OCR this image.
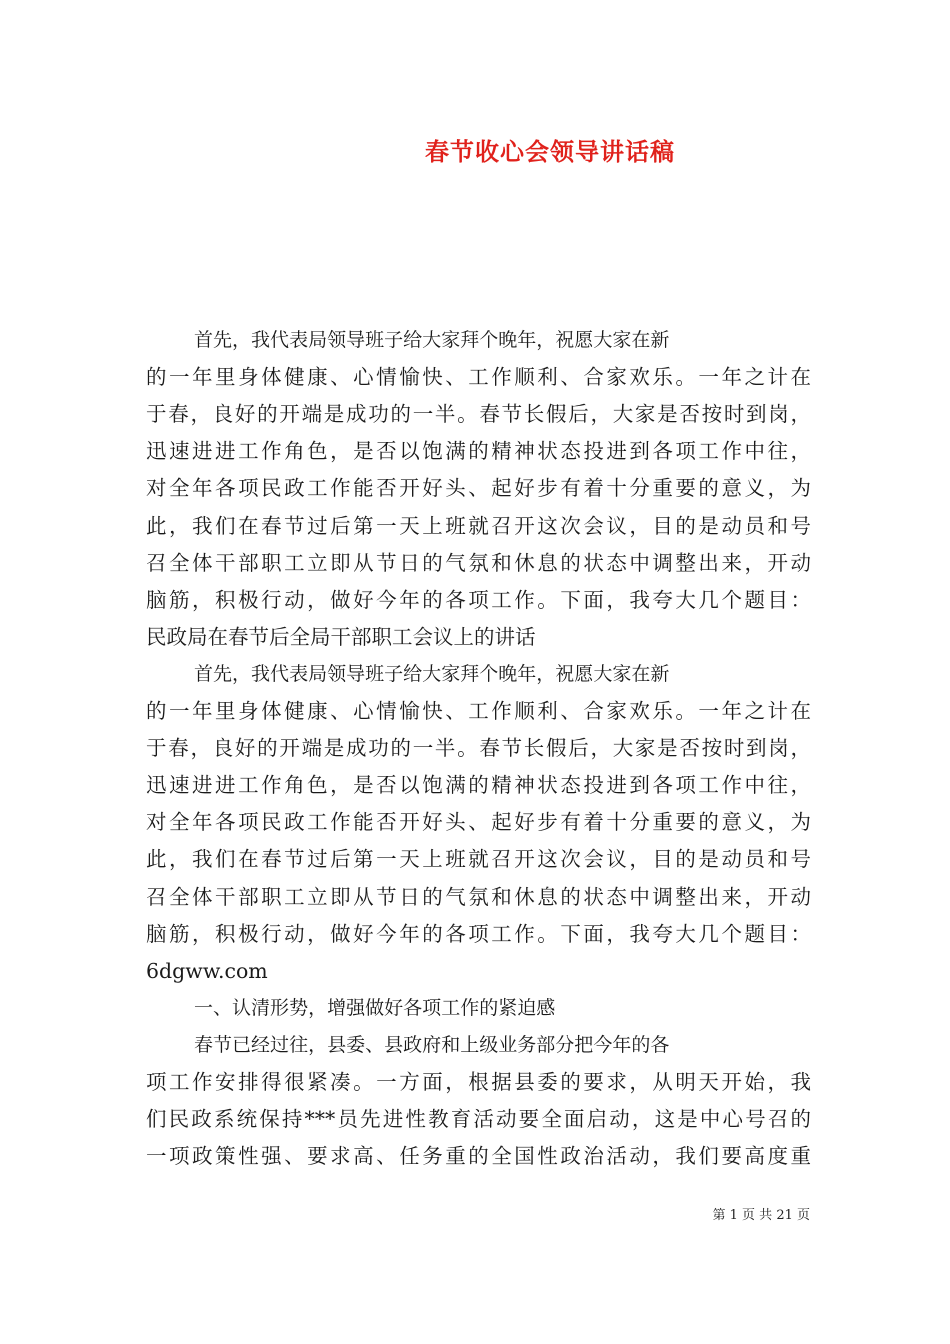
春节收心会领导讲话稿
首先，我代表局领导班子给大家拜个晚年，祝愿大家在新
的一年里身体健康、心情愉快、工作顺利、合家欢乐。一年之计在
于春，良好的开端是成功的一半。春节长假后，大家是否按时到岗，
迅速进进工作角色，是否以饱满的精神状态投进到各项工作中往，
对全年各项民政工作能否开好头、起好步有着十分重要的意义，为
此，我们在春节过后第一天上班就召开这次会议，目的是动员和号
召全体干部职工立即从节日的气氛和休息的状态中调整出来，开动
脑筋，积极行动，做好今年的各项工作。下面，我夸大几个题目：
民政局在春节后全局干部职工会议上的讲话
首先，我代表局领导班子给大家拜个晚年，祝愿大家在新
的一年里身体健康、心情愉快、工作顺利、合家欢乐。一年之计在
于春，良好的开端是成功的一半。春节长假后，大家是否按时到岗，
迅速进进工作角色，是否以饱满的精神状态投进到各项工作中往，
对全年各项民政工作能否开好头、起好步有着十分重要的意义，为
此，我们在春节过后第一天上班就召开这次会议，目的是动员和号
召全体干部职工立即从节日的气氛和休息的状态中调整出来，开动
脑筋，积极行动，做好今年的各项工作。下面，我夸大几个题目：
6dgww.com
一、认清形势，增强做好各项工作的紧迫感
春节已经过往，县委、县政府和上级业务部分把今年的各
项工作安排得很紧凑。一方面，根据县委的要求，从明天开始，我
们民政系统保持***员先进性教育活动要全面启动，这是中心号召的
一项政策性强、要求高、任务重的全国性政治活动，我们要高度重
第 1 页 共 21 页
